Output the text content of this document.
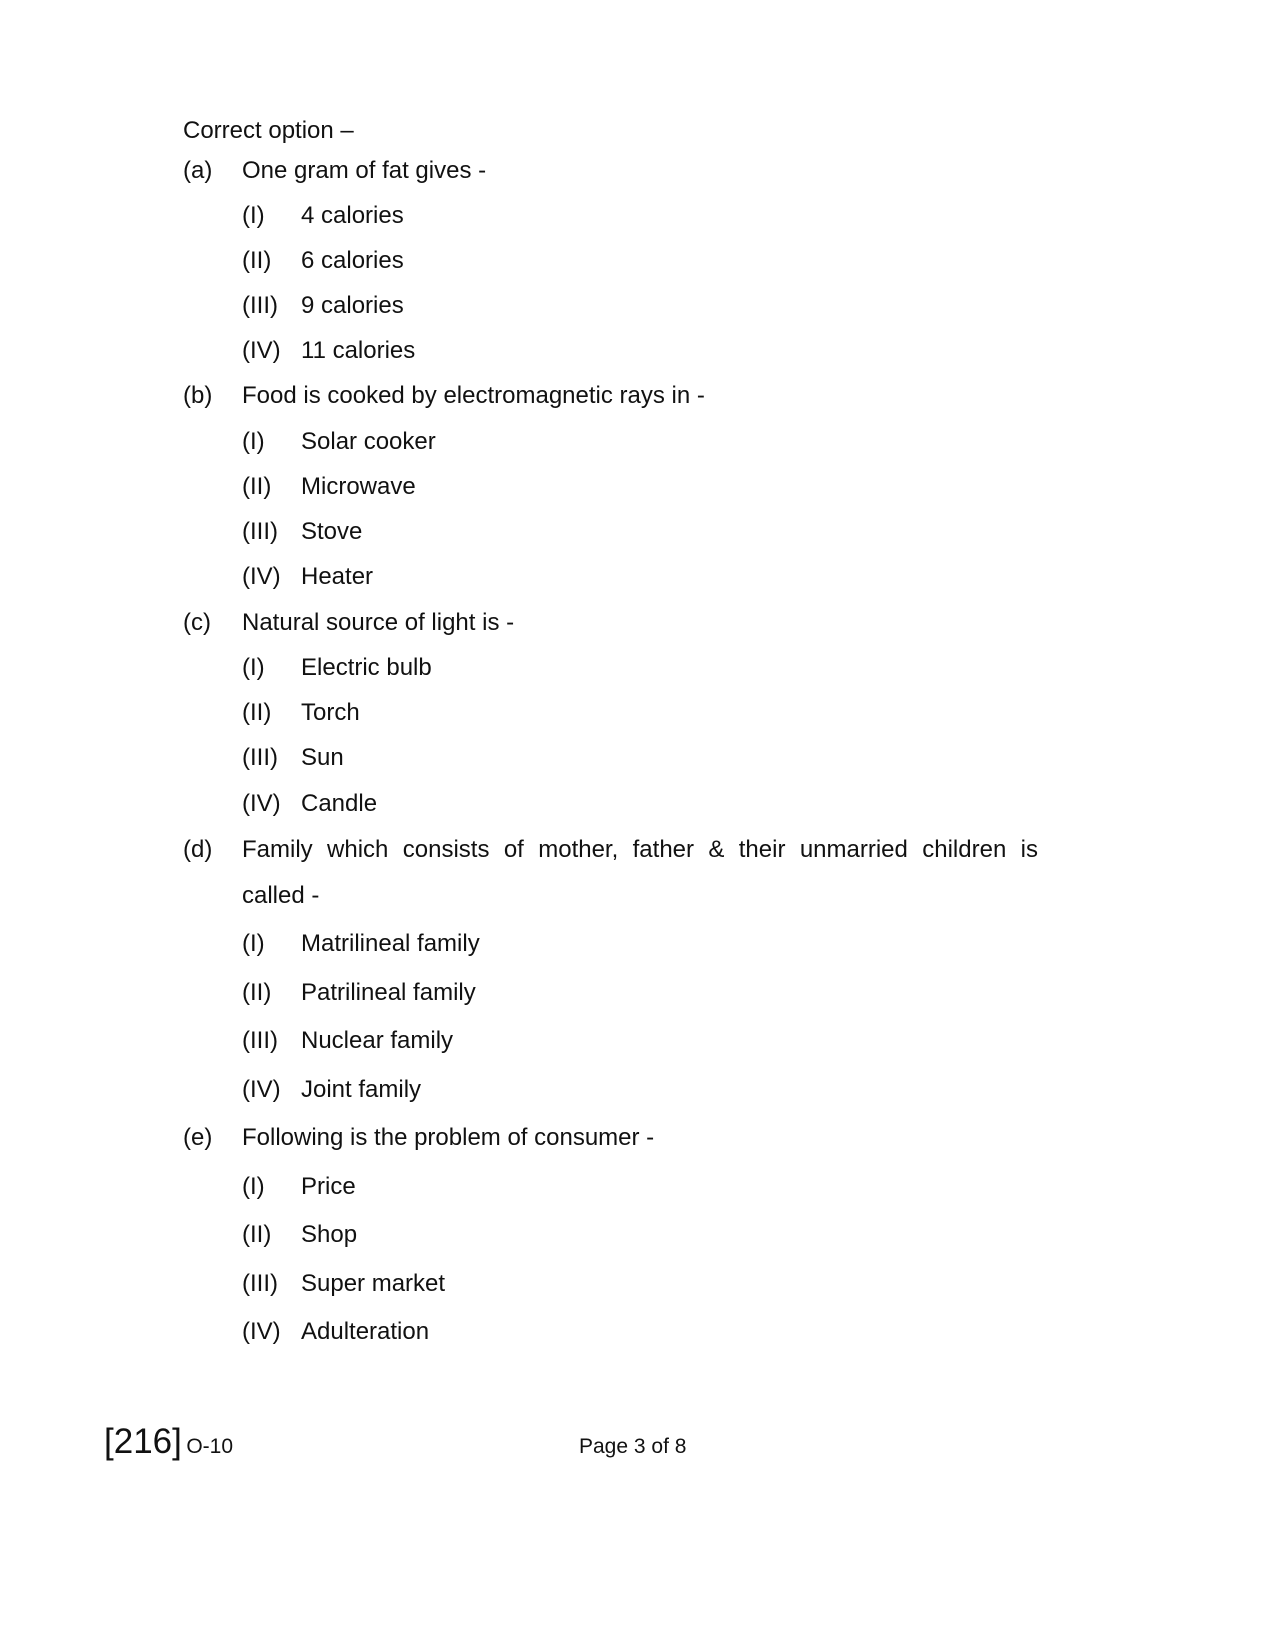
Correct option –
(a) One gram of fat gives -
(I) 4 calories
(II) 6 calories
(III) 9 calories
(IV) 11 calories
(b) Food is cooked by electromagnetic rays in -
(I) Solar cooker
(II) Microwave
(III) Stove
(IV) Heater
(c) Natural source of light is -
(I) Electric bulb
(II) Torch
(III) Sun
(IV) Candle
(d) Family which consists of mother, father & their unmarried children is
called -
(I) Matrilineal family
(II) Patrilineal family
(III) Nuclear family
(IV) Joint family
(e) Following is the problem of consumer -
(I) Price
(II) Shop
(III) Super market
(IV) Adulteration
[216] O-10	Page 3 of 8
